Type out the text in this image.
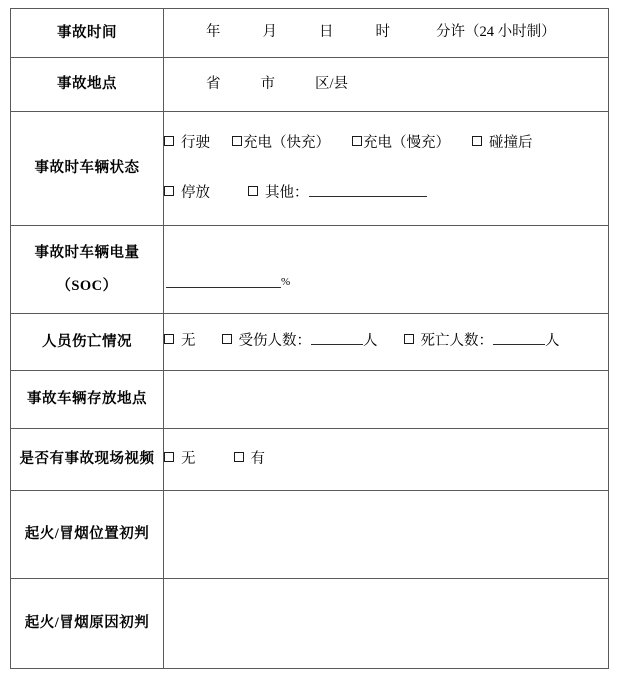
事故时间	年 月 日 时 分许（24 小时制）
事故地点	省 市 区/县
事故时车辆状态	行驶 充电（快充） 充电（慢充） 碰撞后
停放 其他：

事故时车辆电量
（SOC）	%

人员伤亡情况	无 受伤人数： 人 死亡人数： 人
事故车辆存放地点	
是否有事故现场视频	无 有
起火/冒烟位置初判	
起火/冒烟原因初判	
